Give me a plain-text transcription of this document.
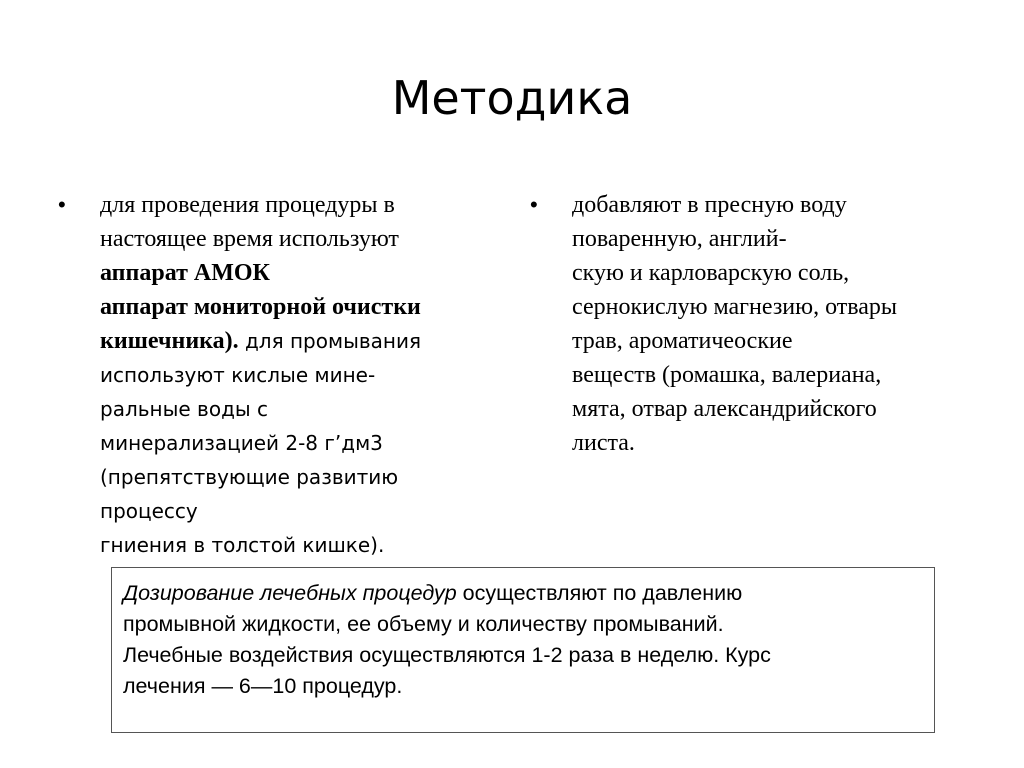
Методика
• для проведения процедуры в
настоящее время используют
аппарат АМОК
аппарат мониторной очистки
кишечника). для промывания
используют кислые мине-
ральные воды с
минерализацией 2-8 г’дм3
(препятствующие развитию
процессу
гниения в толстой кишке).
• добавляют в пресную воду
поваренную, англий-
скую и карловарскую соль,
сернокислую магнезию, отвары
трав, ароматичеоские
веществ (ромашка, валериана,
мята, отвар александрийского
листа.
Дозирование лечебных процедур осуществляют по давлению
промывной жидкости, ее объему и количеству промываний.
Лечебные воздействия осуществляются 1-2 раза в неделю. Курс
лечения — 6—10 процедур.
